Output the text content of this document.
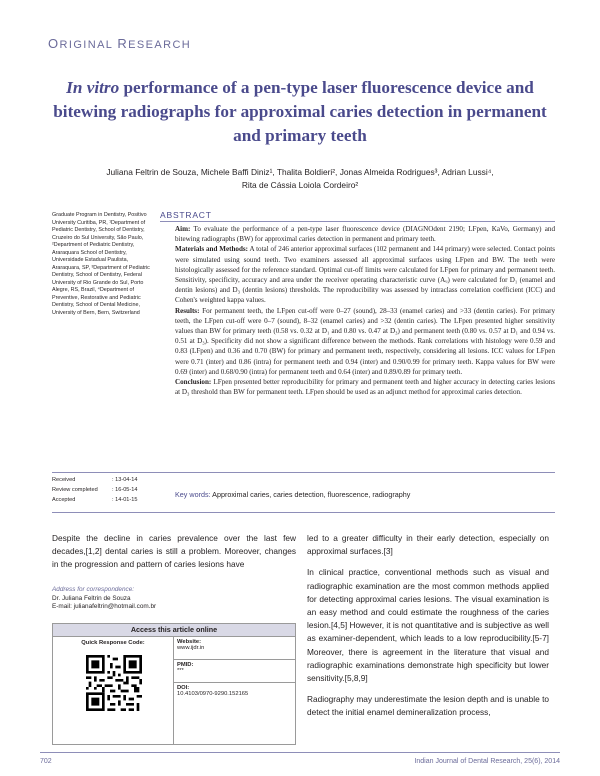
ORIGINAL RESEARCH
In vitro performance of a pen-type laser fluorescence device and bitewing radiographs for approximal caries detection in permanent and primary teeth
Juliana Feltrin de Souza, Michele Baffi Diniz¹, Thalita Boldieri², Jonas Almeida Rodrigues³, Adrian Lussi⁴,
Rita de Cássia Loiola Cordeiro²
Graduate Program in Dentistry, Positivo University Curitiba, PR, ¹Department of Pediatric Dentistry, School of Dentistry, Cruzeiro do Sul University, São Paulo, ²Department of Pediatric Dentistry, Araraquara School of Dentistry, Universidade Estadual Paulista, Araraquara, SP, ³Department of Pediatric Dentistry, School of Dentistry, Federal University of Rio Grande do Sul, Porto Alegre, RS, Brazil, ⁴Department of Preventive, Restorative and Pediatric Dentistry, School of Dental Medicine, University of Bern, Bern, Switzerland
ABSTRACT

Aim: To evaluate the performance of a pen-type laser fluorescence device (DIAGNOdent 2190; LFpen, KaVo, Germany) and bitewing radiographs (BW) for approximal caries detection in permanent and primary teeth.

Materials and Methods: A total of 246 anterior approximal surfaces (102 permanent and 144 primary) were selected. Contact points were simulated using sound teeth. Two examiners assessed all approximal surfaces using LFpen and BW. The teeth were histologically assessed for the reference standard. Optimal cut-off limits were calculated for LFpen for primary and permanent teeth. Sensitivity, specificity, accuracy and area under the receiver operating characteristic curve (Aᵤ) were calculated for D₁ (enamel and dentin lesions) and D₃ (dentin lesions) thresholds. The reproducibility was assessed by intraclass correlation coefficient (ICC) and Cohen's weighted kappa values.

Results: For permanent teeth, the LFpen cut-off were 0–27 (sound), 28–33 (enamel caries) and >33 (dentin caries). For primary teeth, the LFpen cut-off were 0–7 (sound), 8–32 (enamel caries) and >32 (dentin caries). The LFpen presented higher sensitivity values than BW for primary teeth (0.58 vs. 0.32 at D₁ and 0.80 vs. 0.47 at D₃) and permanent teeth (0.80 vs. 0.57 at D₁ and 0.94 vs. 0.51 at D₃). Specificity did not show a significant difference between the methods. Rank correlations with histology were 0.59 and 0.83 (LFpen) and 0.36 and 0.70 (BW) for primary and permanent teeth, respectively, considering all lesions. ICC values for LFpen were 0.71 (inter) and 0.86 (intra) for permanent teeth and 0.94 (inter) and 0.90/0.99 for primary teeth. Kappa values for BW were 0.69 (inter) and 0.68/0.90 (intra) for permanent teeth and 0.64 (inter) and 0.89/0.89 for primary teeth.

Conclusion: LFpen presented better reproducibility for primary and permanent teeth and higher accuracy in detecting caries lesions at D₃ threshold than BW for permanent teeth. LFpen should be used as an adjunct method for approximal caries detection.

Received	: 13-04-14
Review completed	: 16-05-14
Accepted	: 14-01-15
Key words: Approximal caries, caries detection, fluorescence, radiography

Despite the decline in caries prevalence over the last few decades,[1,2] dental caries is still a problem. Moreover, changes in the progression and pattern of caries lesions have

Address for correspondence:
Dr. Juliana Feltrin de Souza
E-mail: julianafeltrin@hotmail.com.br
Access this article online
Quick Response Code:	Website:
www.ijdr.in
PMID:
***
DOI:
10.4103/0970-9290.152165

led to a greater difficulty in their early detection, especially on approximal surfaces.[3]

In clinical practice, conventional methods such as visual and radiographic examination are the most common methods applied for detecting approximal caries lesions. The visual examination is an easy method and could estimate the roughness of the caries lesion.[4,5] However, it is not quantitative and is subjective as well as examiner-dependent, which leads to a low reproducibility.[5-7] Moreover, there is agreement in the literature that visual and radiographic examinations demonstrate high specificity but lower sensitivity.[5,8,9]

Radiography may underestimate the lesion depth and is unable to detect the initial enamel demineralization process,

702	Indian Journal of Dental Research, 25(6), 2014
